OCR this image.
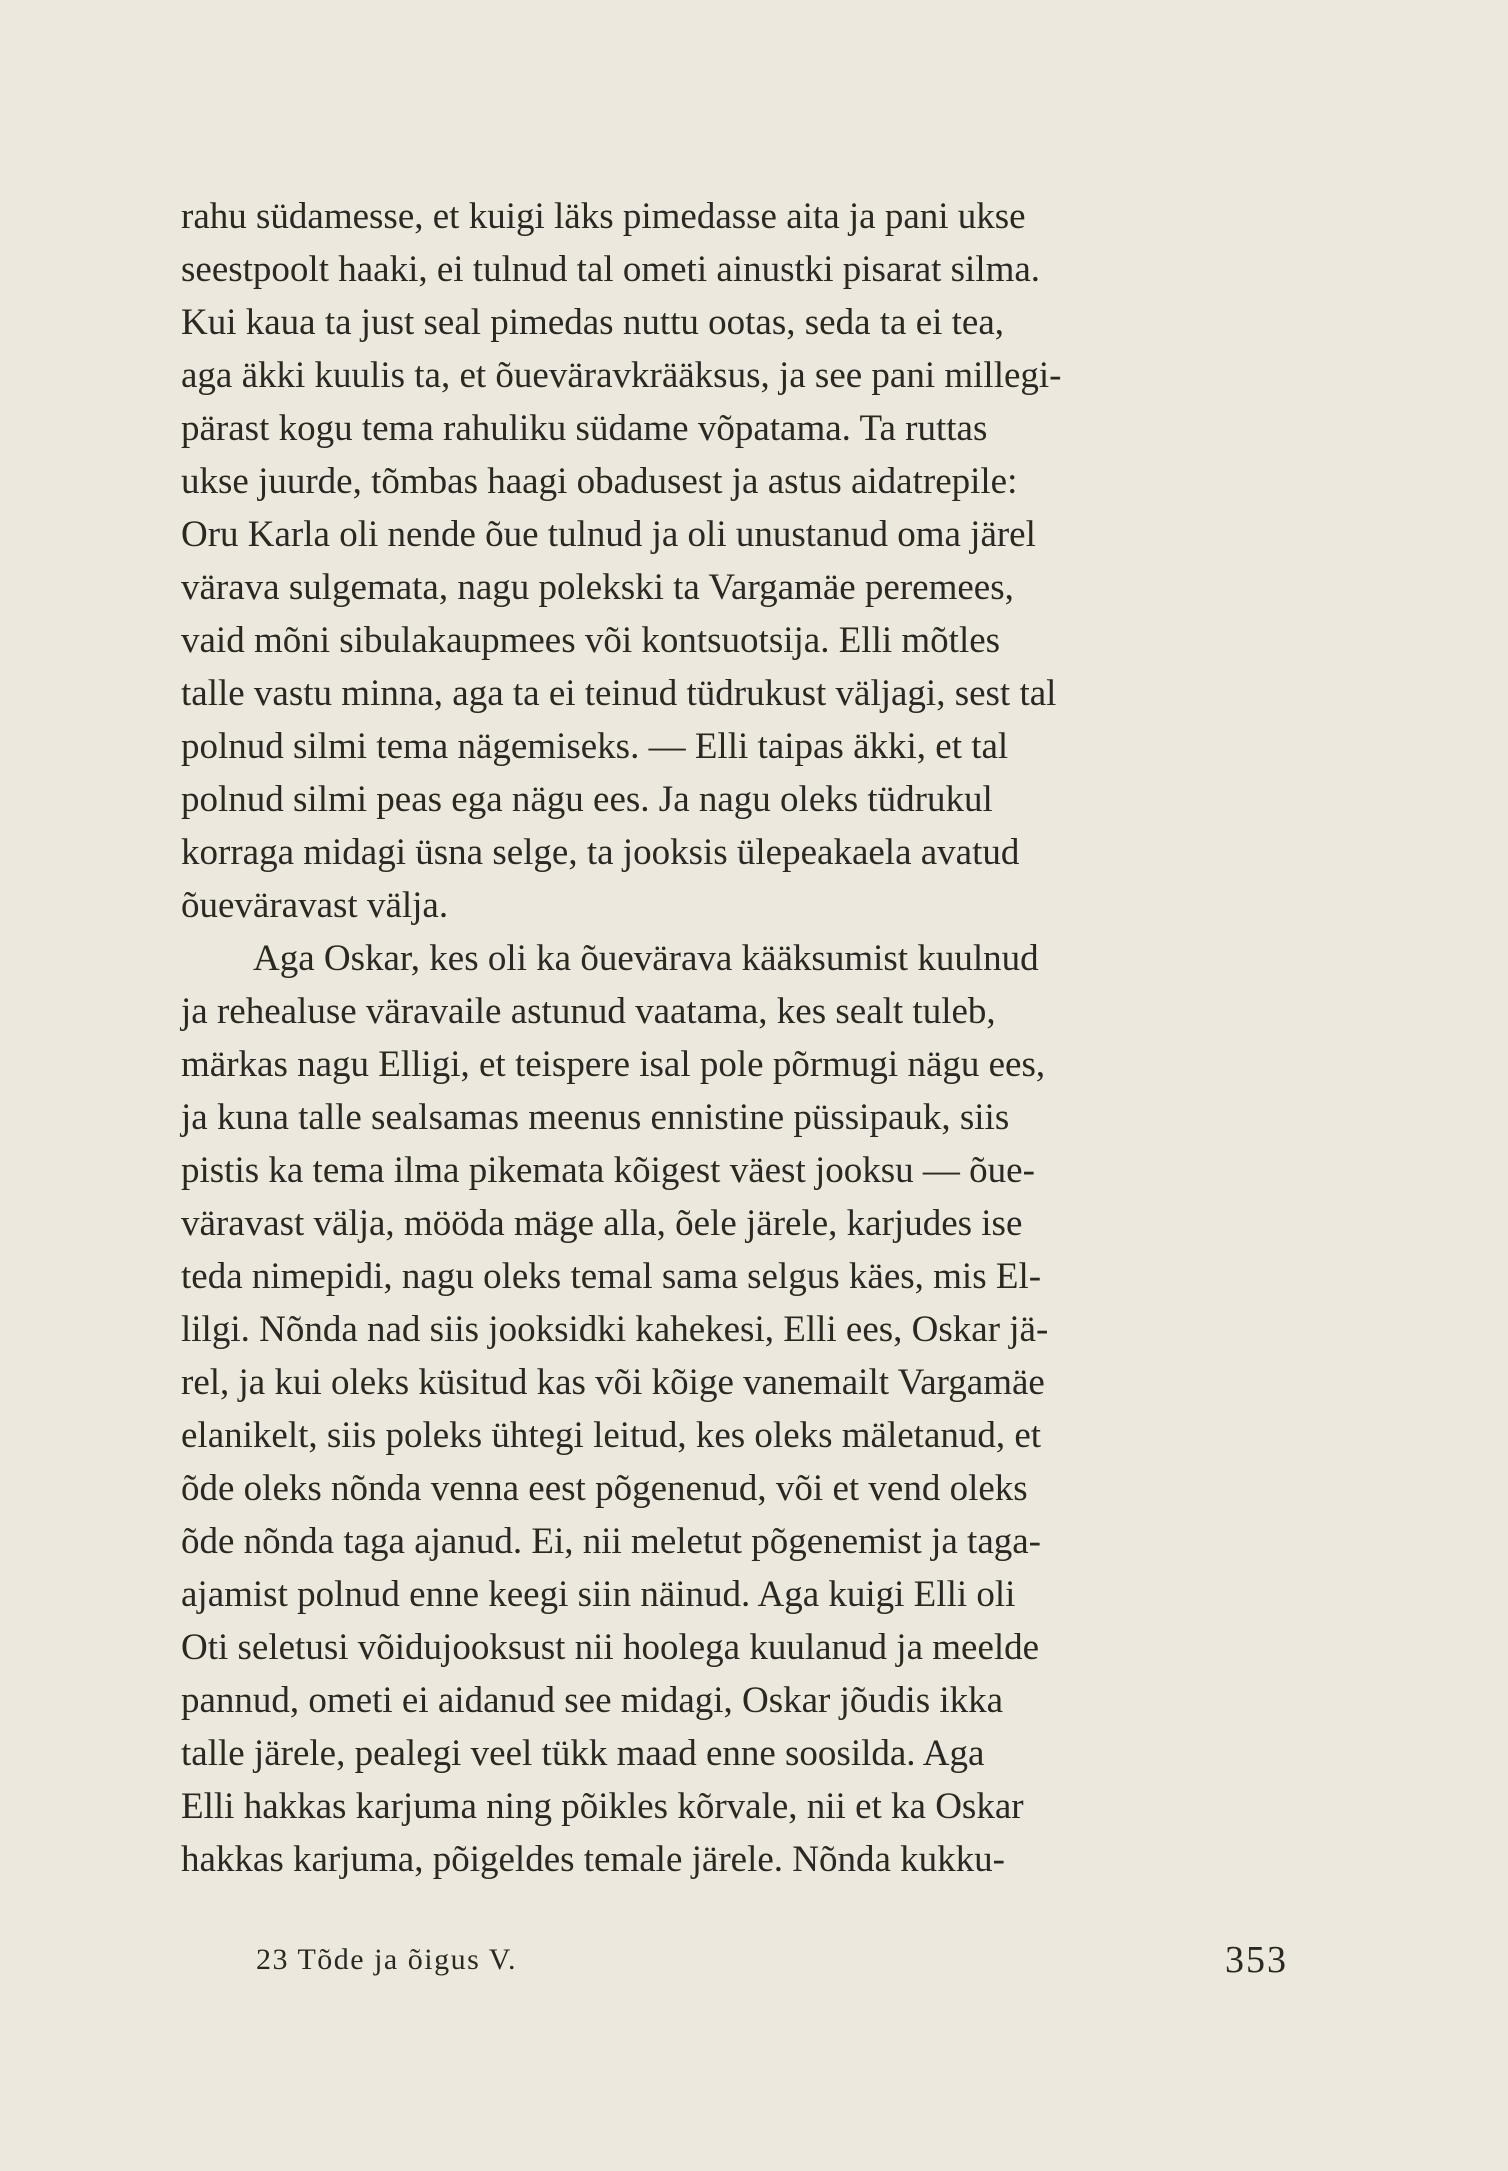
rahu südamesse, et kuigi läks pimedasse aita ja pani ukse
seestpoolt haaki, ei tulnud tal ometi ainustki pisarat silma.
Kui kaua ta just seal pimedas nuttu ootas, seda ta ei tea,
aga äkki kuulis ta, et õueväravkrääksus, ja see pani millegi-
pärast kogu tema rahuliku südame võpatama. Ta ruttas
ukse juurde, tõmbas haagi obadusest ja astus aidatrepile:
Oru Karla oli nende õue tulnud ja oli unustanud oma järel
värava sulgemata, nagu polekski ta Vargamäe peremees,
vaid mõni sibulakaupmees või kontsuotsija. Elli mõtles
talle vastu minna, aga ta ei teinud tüdrukust väljagi, sest tal
polnud silmi tema nägemiseks. — Elli taipas äkki, et tal
polnud silmi peas ega nägu ees. Ja nagu oleks tüdrukul
korraga midagi üsna selge, ta jooksis ülepeakaela avatud
õueväravast välja.
Aga Oskar, kes oli ka õuevärava kääksumist kuulnud
ja rehealuse väravaile astunud vaatama, kes sealt tuleb,
märkas nagu Elligi, et teispere isal pole põrmugi nägu ees,
ja kuna talle sealsamas meenus ennistine püssipauk, siis
pistis ka tema ilma pikemata kõigest väest jooksu — õue-
väravast välja, mööda mäge alla, õele järele, karjudes ise
teda nimepidi, nagu oleks temal sama selgus käes, mis El-
lilgi. Nõnda nad siis jooksidki kahekesi, Elli ees, Oskar jä-
rel, ja kui oleks küsitud kas või kõige vanemailt Vargamäe
elanikelt, siis poleks ühtegi leitud, kes oleks mäletanud, et
õde oleks nõnda venna eest põgenenud, või et vend oleks
õde nõnda taga ajanud. Ei, nii meletut põgenemist ja taga-
ajamist polnud enne keegi siin näinud. Aga kuigi Elli oli
Oti seletusi võidujooksust nii hoolega kuulanud ja meelde
pannud, ometi ei aidanud see midagi, Oskar jõudis ikka
talle järele, pealegi veel tükk maad enne soosilda. Aga
Elli hakkas karjuma ning põikles kõrvale, nii et ka Oskar
hakkas karjuma, põigeldes temale järele. Nõnda kukku-
23 Tõde ja õigus V.	353
